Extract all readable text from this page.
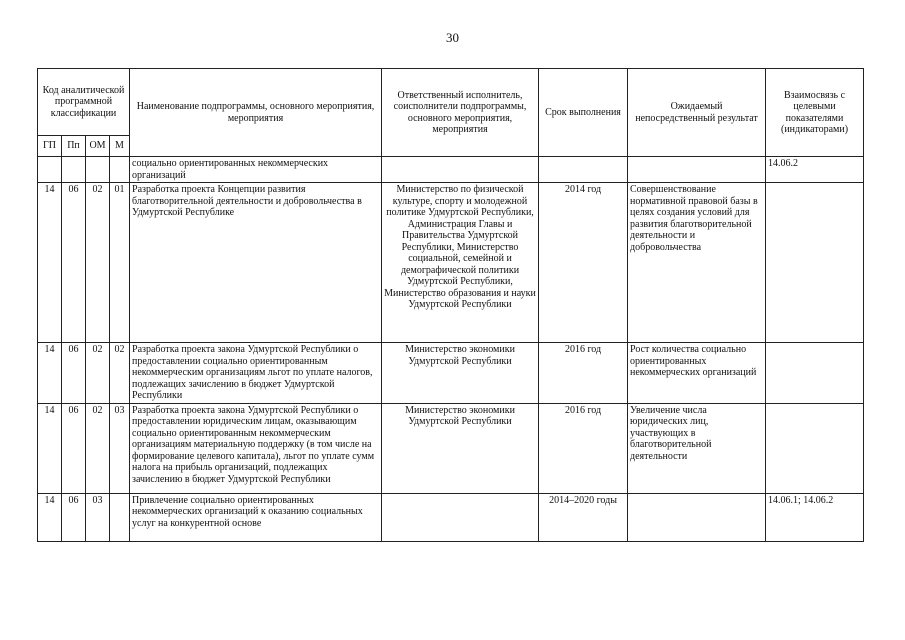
30
Код аналитической программной классификации				Наименование подпрограммы, основного мероприятия, мероприятия	Ответственный исполнитель, соисполнители подпрограммы, основного мероприятия, мероприятия	Срок выполнения	Ожидаемый непосредственный результат	Взаимосвязь с целевыми показателями (индикаторами)
ГП	Пп	ОМ	М					
				социально ориентированных некоммерческих организаций				14.06.2
14	06	02	01	Разработка проекта Концепции развития благотворительной деятельности и добровольчества в Удмуртской Республике	Министерство по физической культуре, спорту и молодежной политике Удмуртской Республики, Администрация Главы и Правительства Удмуртской Республики, Министерство социальной, семейной и демографической политики Удмуртской Республики, Министерство образования и науки Удмуртской Республики	2014 год	Совершенствование нормативной правовой базы в целях создания условий для развития благотворительной деятельности и добровольчества	
14	06	02	02	Разработка проекта закона Удмуртской Республики о предоставлении социально ориентированным некоммерческим организациям льгот по уплате налогов, подлежащих зачислению в бюджет Удмуртской Республики	Министерство экономики Удмуртской Республики	2016 год	Рост количества социально ориентированных некоммерческих организаций	
14	06	02	03	Разработка проекта закона Удмуртской Республики о предоставлении юридическим лицам, оказывающим социально ориентированным некоммерческим организациям материальную поддержку (в том числе на формирование целевого капитала), льгот по уплате сумм налога на прибыль организаций, подлежащих зачислению в бюджет Удмуртской Республики	Министерство экономики Удмуртской Республики	2016 год	Увеличение числа юридических лиц, участвующих в благотворительной деятельности	
14	06	03		Привлечение социально ориентированных некоммерческих организаций к оказанию социальных услуг на конкурентной основе		2014–2020 годы		14.06.1; 14.06.2
